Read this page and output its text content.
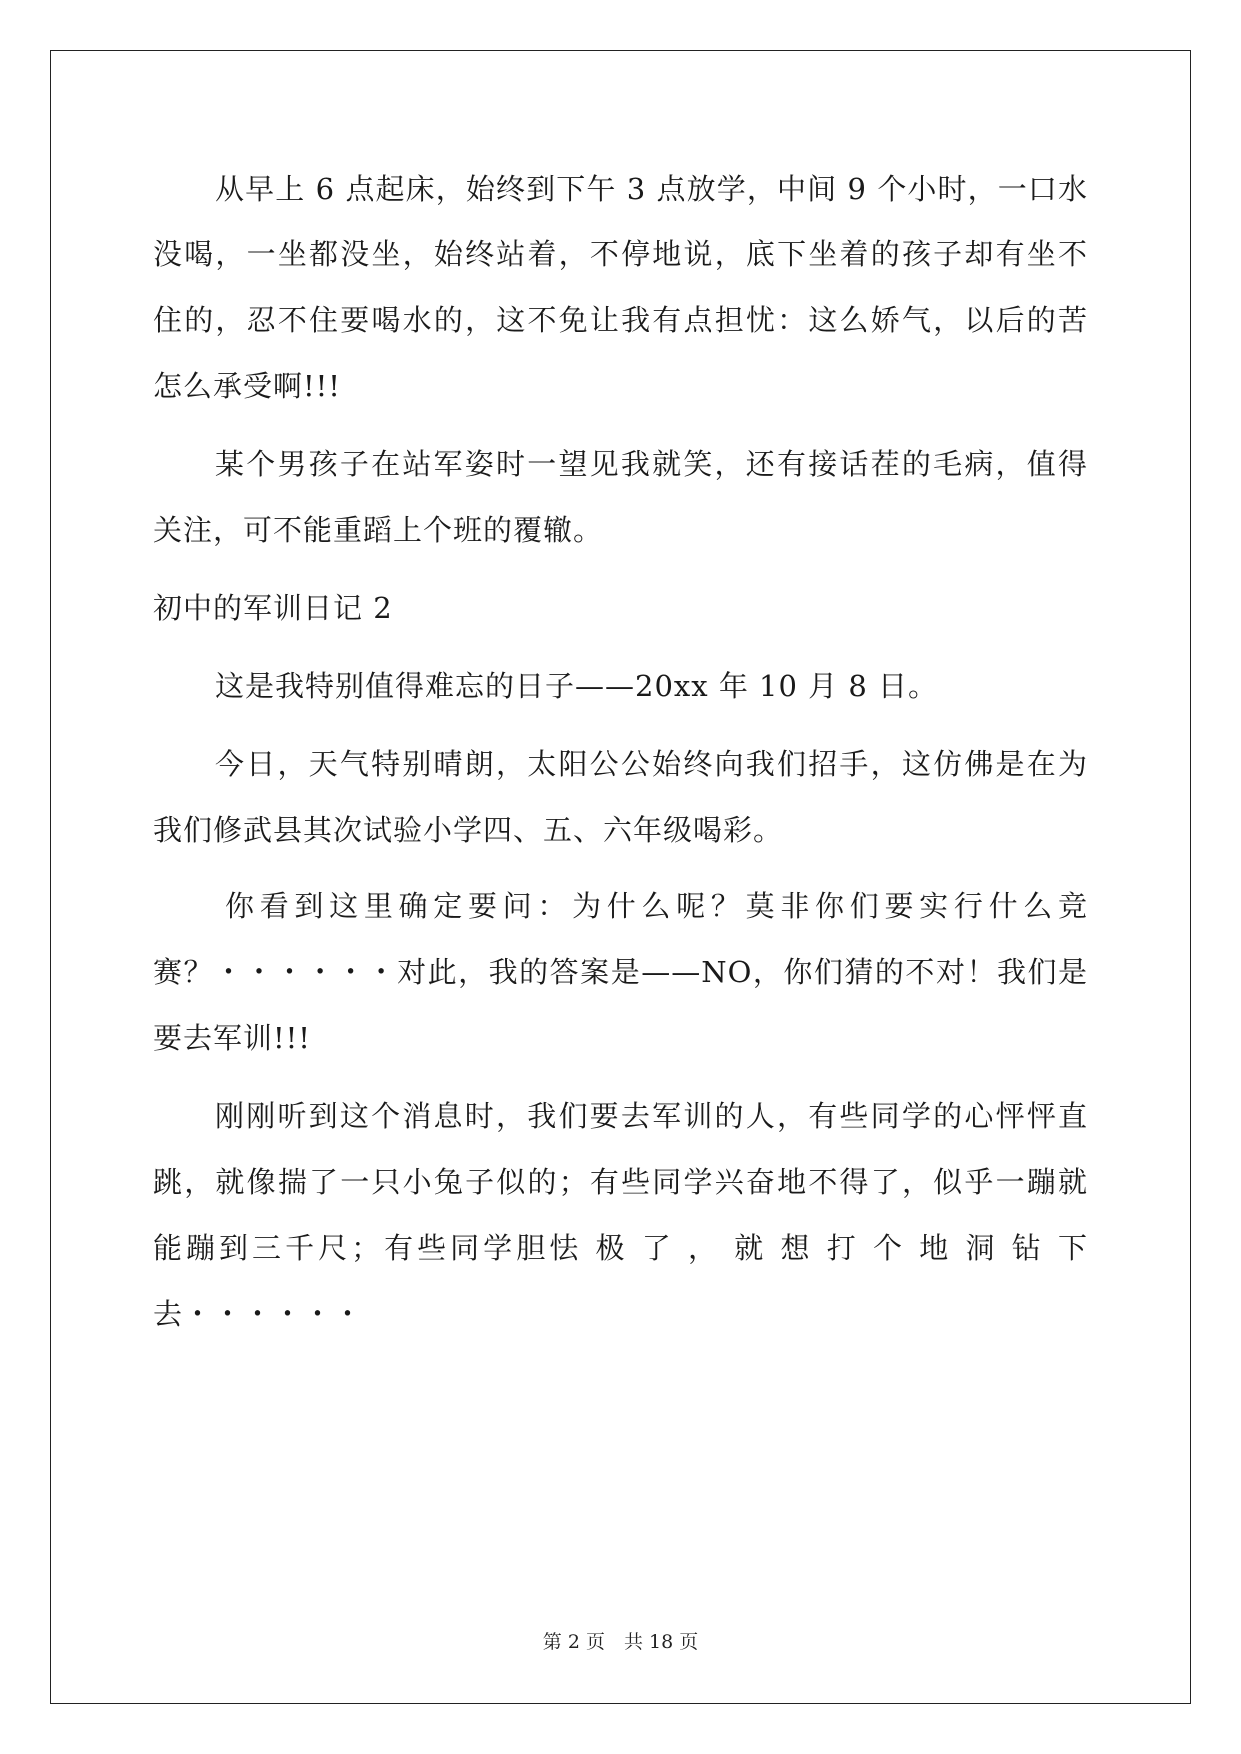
从早上 6 点起床，始终到下午 3 点放学，中间 9 个小时，一口水
没喝，一坐都没坐，始终站着，不停地说，底下坐着的孩子却有坐不
住的，忍不住要喝水的，这不免让我有点担忧：这么娇气，以后的苦
怎么承受啊!!!
某个男孩子在站军姿时一望见我就笑，还有接话茬的毛病，值得
关注，可不能重蹈上个班的覆辙。
初中的军训日记 2
这是我特别值得难忘的日子——20xx 年 10 月 8 日。
今日，天气特别晴朗，太阳公公始终向我们招手，这仿佛是在为
我们修武县其次试验小学四、五、六年级喝彩。
你看到这里确定要问：为什么呢？莫非你们要实行什么竞
赛？・・・・・・对此，我的答案是——NO，你们猜的不对！我们是
要去军训!!!
刚刚听到这个消息时，我们要去军训的人，有些同学的心怦怦直
跳，就像揣了一只小兔子似的；有些同学兴奋地不得了，似乎一蹦就
能蹦到三千尺；有些同学胆怯 极 了 ， 就 想 打 个 地 洞 钻 下
去・・・・・・
第 2 页　共 18 页
